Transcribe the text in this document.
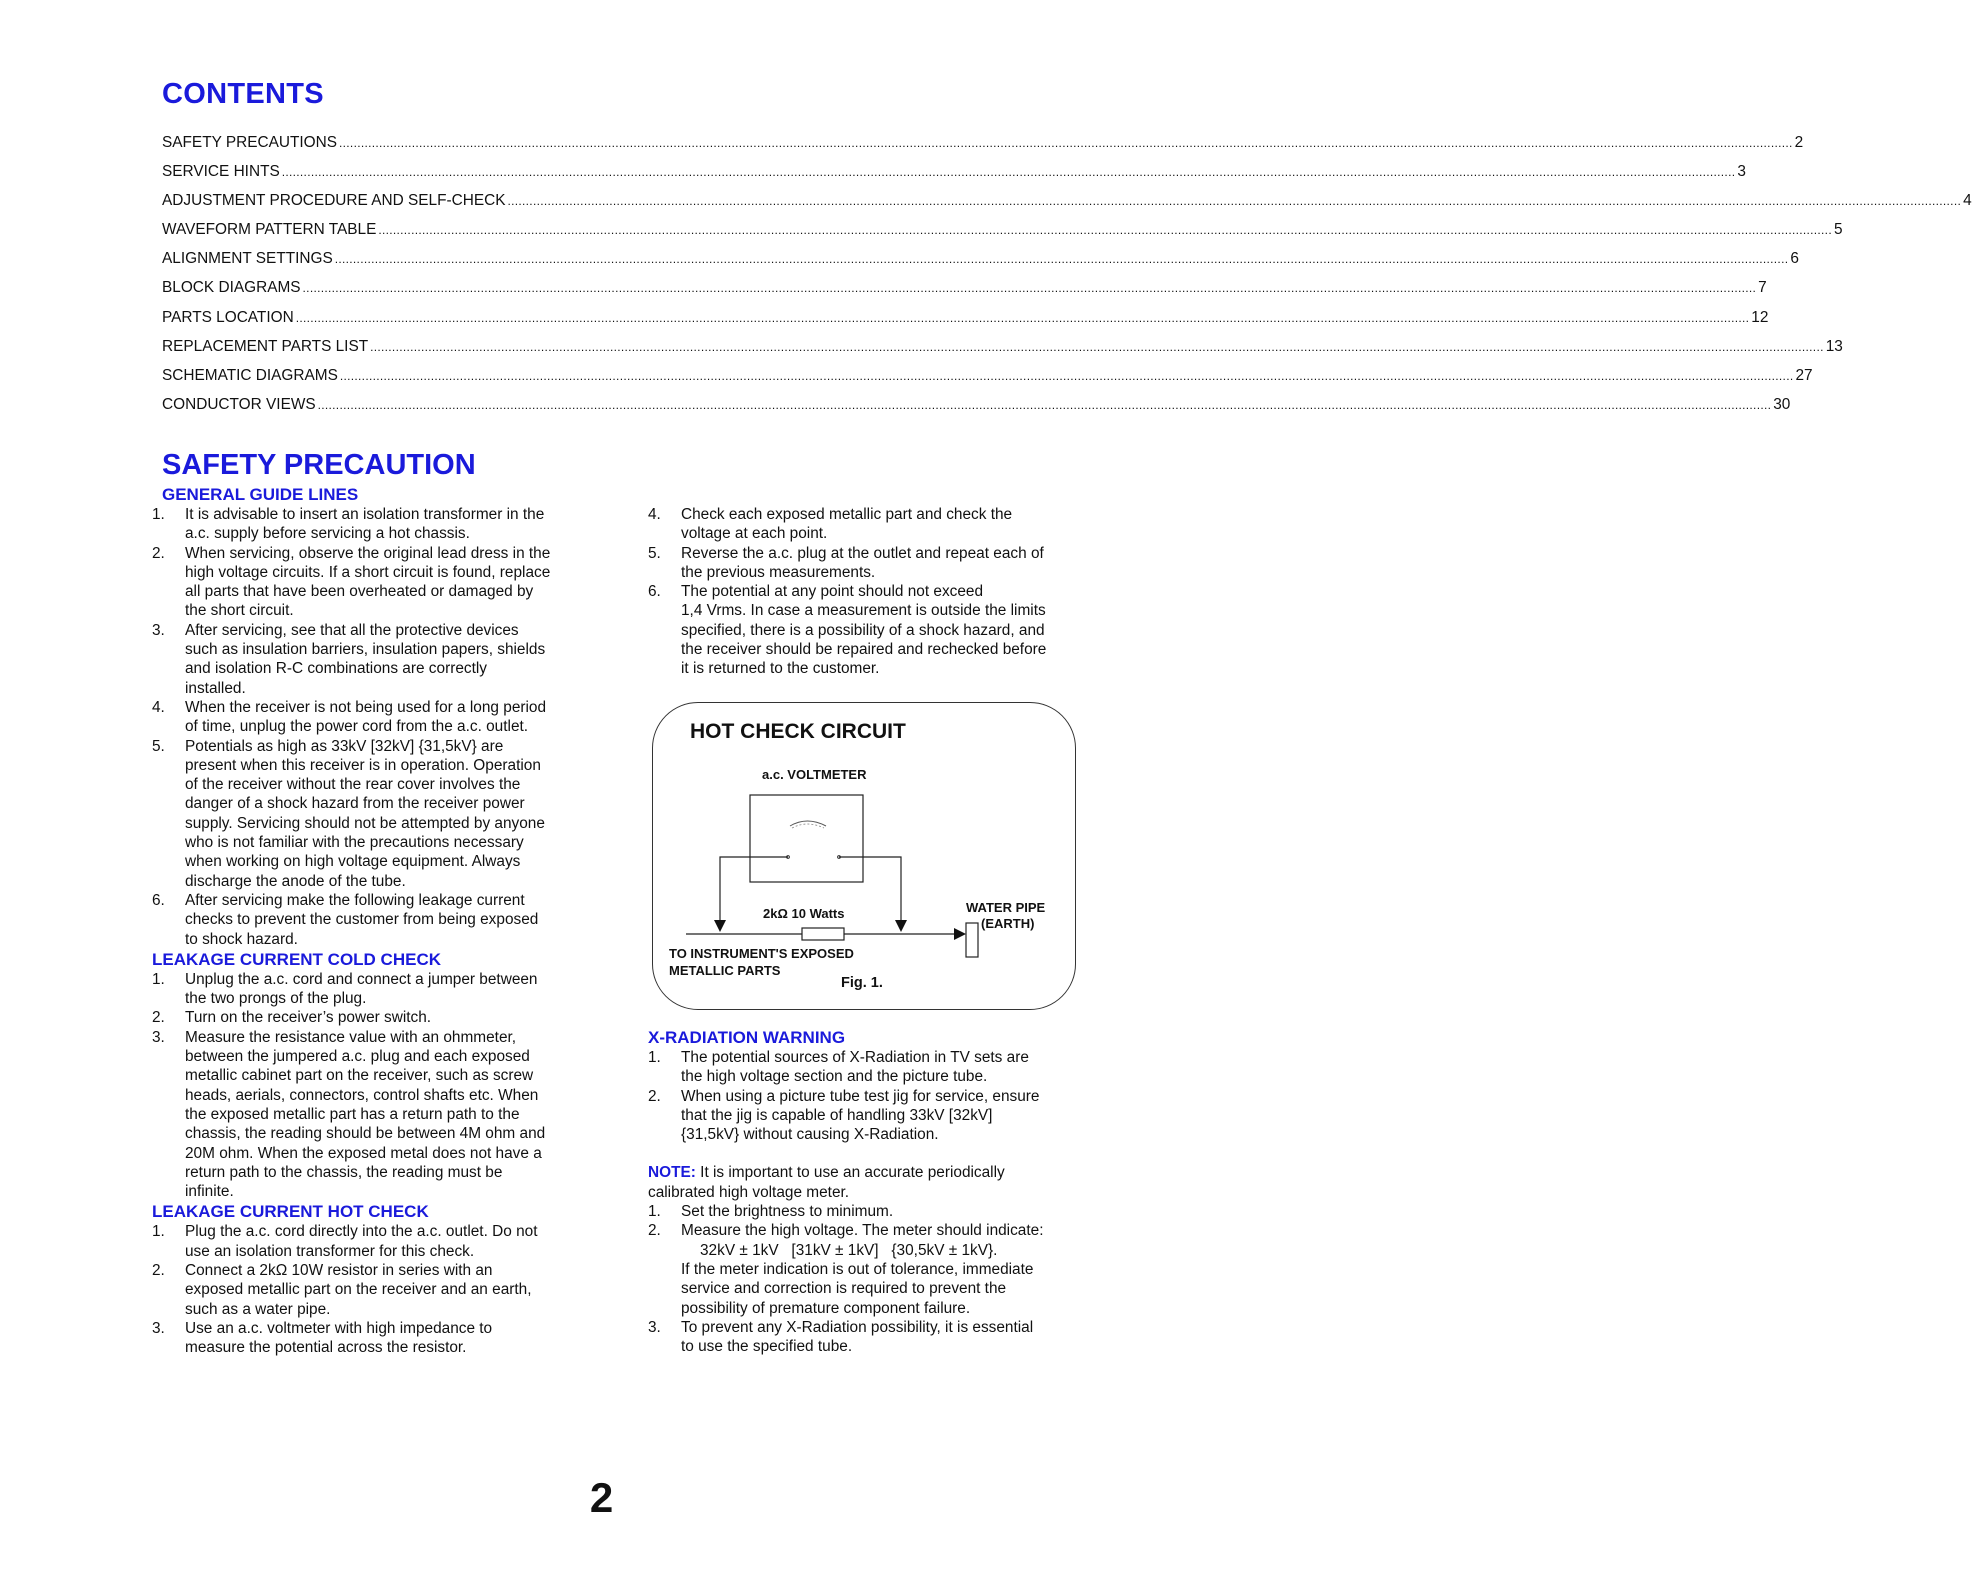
CONTENTS
SAFETY PRECAUTIONS ................................................................................................................................................................................................................................................................................................................................................................................................................ 2
SERVICE HINTS ................................................................................................................................................................................................................................................................................................................................................................................................................ 3
ADJUSTMENT PROCEDURE AND SELF-CHECK ................................................................................................................................................................................................................................................................................................................................................................................................................ 4
WAVEFORM PATTERN TABLE ................................................................................................................................................................................................................................................................................................................................................................................................................ 5
ALIGNMENT SETTINGS ................................................................................................................................................................................................................................................................................................................................................................................................................ 6
BLOCK DIAGRAMS ................................................................................................................................................................................................................................................................................................................................................................................................................ 7
PARTS LOCATION ................................................................................................................................................................................................................................................................................................................................................................................................................ 12
REPLACEMENT PARTS LIST ................................................................................................................................................................................................................................................................................................................................................................................................................ 13
SCHEMATIC DIAGRAMS ................................................................................................................................................................................................................................................................................................................................................................................................................ 27
CONDUCTOR VIEWS ................................................................................................................................................................................................................................................................................................................................................................................................................ 30
SAFETY PRECAUTION
GENERAL GUIDE LINES
1.	It is advisable to insert an isolation transformer in the
a.c. supply before servicing a hot chassis.
2.	When servicing, observe the original lead dress in the
high voltage circuits. If a short circuit is found, replace
all parts that have been overheated or damaged by
the short circuit.
3.	After servicing, see that all the protective devices
such as insulation barriers, insulation papers, shields
and isolation R-C combinations are correctly
installed.
4.	When the receiver is not being used for a long period
of time, unplug the power cord from the a.c. outlet.
5.	Potentials as high as 33kV [32kV] {31,5kV} are
present when this receiver is in operation. Operation
of the receiver without the rear cover involves the
danger of a shock hazard from the receiver power
supply. Servicing should not be attempted by anyone
who is not familiar with the precautions necessary
when working on high voltage equipment. Always
discharge the anode of the tube.
6.	After servicing make the following leakage current
checks to prevent the customer from being exposed
to shock hazard.
LEAKAGE CURRENT COLD CHECK
1.	Unplug the a.c. cord and connect a jumper between
the two prongs of the plug.
2.	Turn on the receiver’s power switch.
3.	Measure the resistance value with an ohmmeter,
between the jumpered a.c. plug and each exposed
metallic cabinet part on the receiver, such as screw
heads, aerials, connectors, control shafts etc. When
the exposed metallic part has a return path to the
chassis, the reading should be between 4M ohm and
20M ohm. When the exposed metal does not have a
return path to the chassis, the reading must be
infinite.
LEAKAGE CURRENT HOT CHECK
1.	Plug the a.c. cord directly into the a.c. outlet. Do not
use an isolation transformer for this check.
2.	Connect a 2kΩ 10W resistor in series with an
exposed metallic part on the receiver and an earth,
such as a water pipe.
3.	Use an a.c. voltmeter with high impedance to
measure the potential across the resistor.
4.	Check each exposed metallic part and check the
voltage at each point.
5.	Reverse the a.c. plug at the outlet and repeat each of
the previous measurements.
6.	The potential at any point should not exceed
1,4 Vrms. In case a measurement is outside the limits
specified, there is a possibility of a shock hazard, and
the receiver should be repaired and rechecked before
it is returned to the customer.
HOT CHECK CIRCUIT
a.c. VOLTMETER
2kΩ 10 Watts	WATER PIPE
(EARTH)
TO INSTRUMENT'S EXPOSED
METALLIC PARTS
Fig. 1.
X-RADIATION WARNING
1.	The potential sources of X-Radiation in TV sets are
the high voltage section and the picture tube.
2.	When using a picture tube test jig for service, ensure
that the jig is capable of handling 33kV [32kV]
{31,5kV} without causing X-Radiation.
NOTE: It is important to use an accurate periodically
calibrated high voltage meter.
1.	Set the brightness to minimum.
2.	Measure the high voltage. The meter should indicate:
32kV ± 1kV   [31kV ± 1kV]   {30,5kV ± 1kV}.
If the meter indication is out of tolerance, immediate
service and correction is required to prevent the
possibility of premature component failure.
3.	To prevent any X-Radiation possibility, it is essential
to use the specified tube.
2
